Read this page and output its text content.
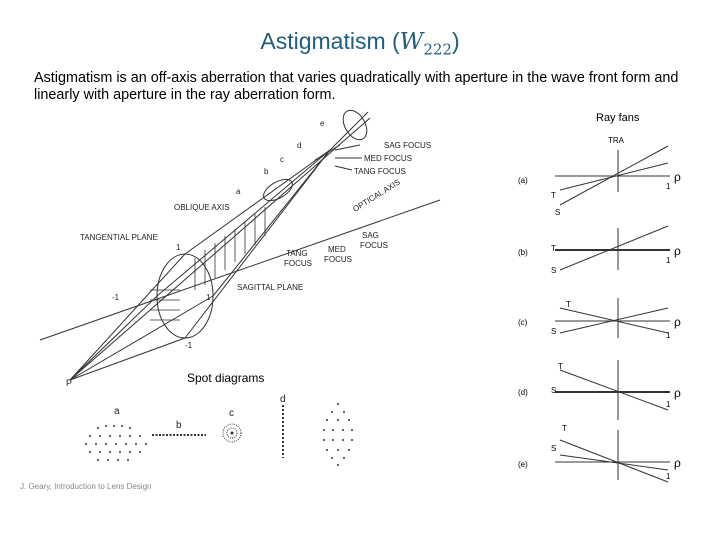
Astigmatism $(W_{222})$
Astigmatism is an off-axis aberration that varies quadratically with aperture in the wave front form and linearly with aperture in the ray aberration form.
e
d
c
b
a
SAG FOCUS
MED FOCUS
TANG FOCUS
OBLIQUE AXIS	OPTICAL AXIS
TANGENTIAL PLANE
SAGITTAL PLANE
TANG
FOCUS
MED
FOCUS
SAG
FOCUS
1
1
-1
-1
P
a
b
c
d
Ray fans
TRA
(a)
T
S
ρ
1
(b)	T
S
ρ
1
(c)
T
S
ρ
1
(d)
T
S	ρ
1
(e)
T
S
ρ
1
Spot diagrams
J. Geary, Introduction to Lens Design
